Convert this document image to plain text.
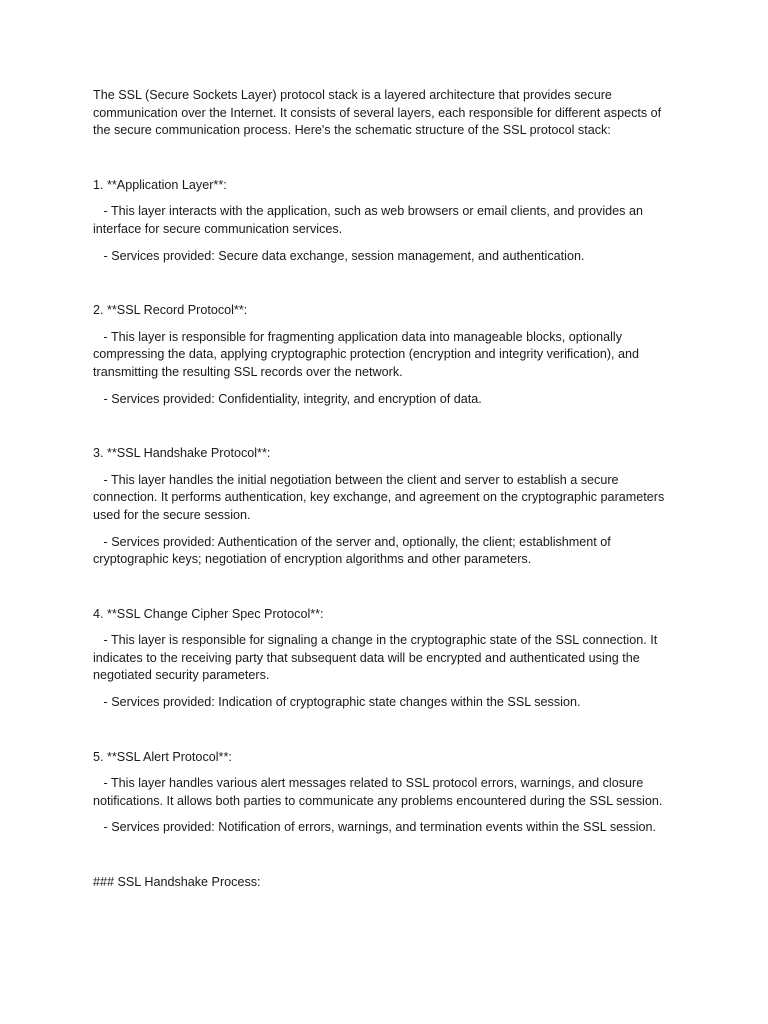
The SSL (Secure Sockets Layer) protocol stack is a layered architecture that provides secure communication over the Internet. It consists of several layers, each responsible for different aspects of the secure communication process. Here's the schematic structure of the SSL protocol stack:

1. **Application Layer**:

- This layer interacts with the application, such as web browsers or email clients, and provides an interface for secure communication services.

- Services provided: Secure data exchange, session management, and authentication.

2. **SSL Record Protocol**:

- This layer is responsible for fragmenting application data into manageable blocks, optionally compressing the data, applying cryptographic protection (encryption and integrity verification), and transmitting the resulting SSL records over the network.

- Services provided: Confidentiality, integrity, and encryption of data.

3. **SSL Handshake Protocol**:

- This layer handles the initial negotiation between the client and server to establish a secure connection. It performs authentication, key exchange, and agreement on the cryptographic parameters used for the secure session.

- Services provided: Authentication of the server and, optionally, the client; establishment of cryptographic keys; negotiation of encryption algorithms and other parameters.

4. **SSL Change Cipher Spec Protocol**:

- This layer is responsible for signaling a change in the cryptographic state of the SSL connection. It indicates to the receiving party that subsequent data will be encrypted and authenticated using the negotiated security parameters.

- Services provided: Indication of cryptographic state changes within the SSL session.

5. **SSL Alert Protocol**:

- This layer handles various alert messages related to SSL protocol errors, warnings, and closure notifications. It allows both parties to communicate any problems encountered during the SSL session.

- Services provided: Notification of errors, warnings, and termination events within the SSL session.

### SSL Handshake Process:
